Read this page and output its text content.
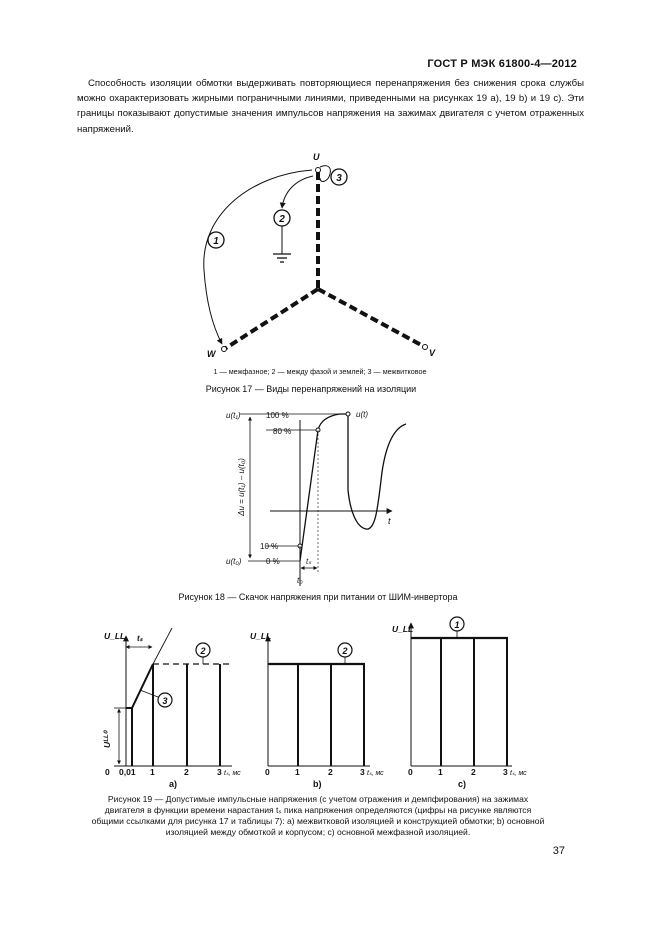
ГОСТ Р МЭК 61800-4—2012
Способность изоляции обмотки выдерживать повторяющиеся перенапряжения без снижения срока службы можно охарактеризовать жирными пограничными линиями, приведенными на рисунках 19 a), 19 b) и 19 c). Эти границы показывают допустимые значения импульсов напряжения на зажимах двигателя с учетом отраженных напряжений.
U
V
W
1
2
3
1 — межфазное; 2 — между фазой и землей; 3 — межвитковое
Рисунок 17 — Виды перенапряжений на изоляции
t
Δu = u(t₁) – u(t₀)
u(t₁)	100 %
80 %
10 %
0 %
u(t₀)
u(t)
tₛ
t₀
Рисунок 18 — Скачок напряжения при питании от ШИМ-инвертора
U_LL
Uᴸᴸ⁰
tₛ
2
3
0 0,01 1	2	3 tₛ, мс
a)
U_LL
2
0	1	2	3 tₛ, мс
b)
U_LL	1
0	1	2	3 tₛ, мс
c)
Рисунок 19 — Допустимые импульсные напряжения (с учетом отражения и демпфирования) на зажимах
двигателя в функции времени нарастания tₛ пика напряжения определяются (цифры на рисунке являются
общими ссылками для рисунка 17 и таблицы 7): a) межвитковой изоляцией и конструкцией обмотки; b) основной
изоляцией между обмоткой и корпусом; c) основной межфазной изоляцией.
37
